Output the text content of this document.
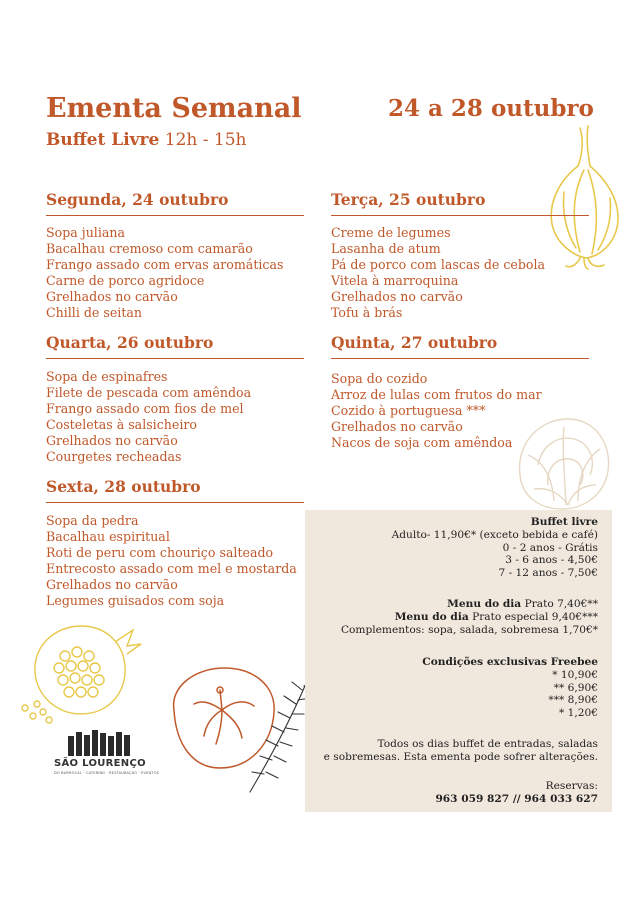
Ementa Semanal
Buffet Livre 12h - 15h
24 a 28 outubro
Segunda, 24 outubro
Sopa juliana
Bacalhau cremoso com camarão
Frango assado com ervas aromáticas
Carne de porco agridoce
Grelhados no carvão
Chilli de seitan
Terça, 25 outubro
Creme de legumes
Lasanha de atum
Pá de porco com lascas de cebola
Vitela à marroquina
Grelhados no carvão
Tofu à brás
Quarta, 26 outubro
Sopa de espinafres
Filete de pescada com amêndoa
Frango assado com fios de mel
Costeletas à salsicheiro
Grelhados no carvão
Courgetes recheadas
Quinta, 27 outubro
Sopa do cozido
Arroz de lulas com frutos do mar
Cozido à portuguesa ***
Grelhados no carvão
Nacos de soja com amêndoa
Sexta, 28 outubro
Sopa da pedra
Bacalhau espiritual
Roti de peru com chouriço salteado
Entrecosto assado com mel e mostarda
Grelhados no carvão
Legumes guisados com soja
Buffet livre
Adulto- 11,90€* (exceto bebida e café)
0 - 2 anos - Grátis
3 - 6 anos - 4,50€
7 - 12 anos - 7,50€
Menu do dia Prato 7,40€**
Menu do dia Prato especial 9,40€***
Complementos: sopa, salada, sobremesa 1,70€*
Condições exclusivas Freebee
* 10,90€
** 6,90€
*** 8,90€
* 1,20€
Todos os dias buffet de entradas, saladas
e sobremesas. Esta ementa pode sofrer alterações.
Reservas:
963 059 827 // 964 033 627
SÃO LOURENÇO
DO BARROCAL · CATERING · RESTAURAÇÃO · EVENTOS
